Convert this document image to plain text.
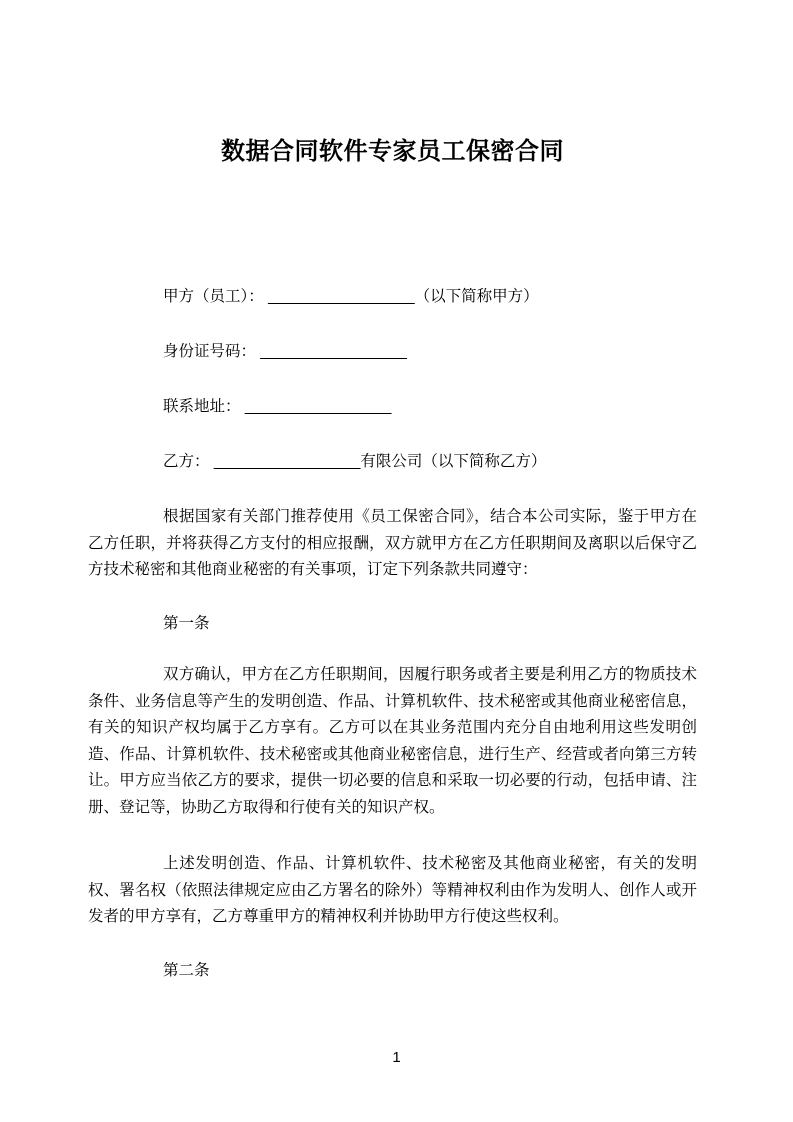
数据合同软件专家员工保密合同

甲方（员工）： _________________（以下简称甲方）

身份证号码： _________________

联系地址： _________________

乙方： _________________有限公司（以下简称乙方）

根据国家有关部门推荐使用《员工保密合同》，结合本公司实际，鉴于甲方在乙方任职，并将获得乙方支付的相应报酬，双方就甲方在乙方任职期间及离职以后保守乙方技术秘密和其他商业秘密的有关事项，订定下列条款共同遵守：

第一条

双方确认，甲方在乙方任职期间，因履行职务或者主要是利用乙方的物质技术条件、业务信息等产生的发明创造、作品、计算机软件、技术秘密或其他商业秘密信息，有关的知识产权均属于乙方享有。乙方可以在其业务范围内充分自由地利用这些发明创造、作品、计算机软件、技术秘密或其他商业秘密信息，进行生产、经营或者向第三方转让。甲方应当依乙方的要求，提供一切必要的信息和采取一切必要的行动，包括申请、注册、登记等，协助乙方取得和行使有关的知识产权。

上述发明创造、作品、计算机软件、技术秘密及其他商业秘密，有关的发明权、署名权（依照法律规定应由乙方署名的除外）等精神权利由作为发明人、创作人或开发者的甲方享有，乙方尊重甲方的精神权利并协助甲方行使这些权利。

第二条

1
